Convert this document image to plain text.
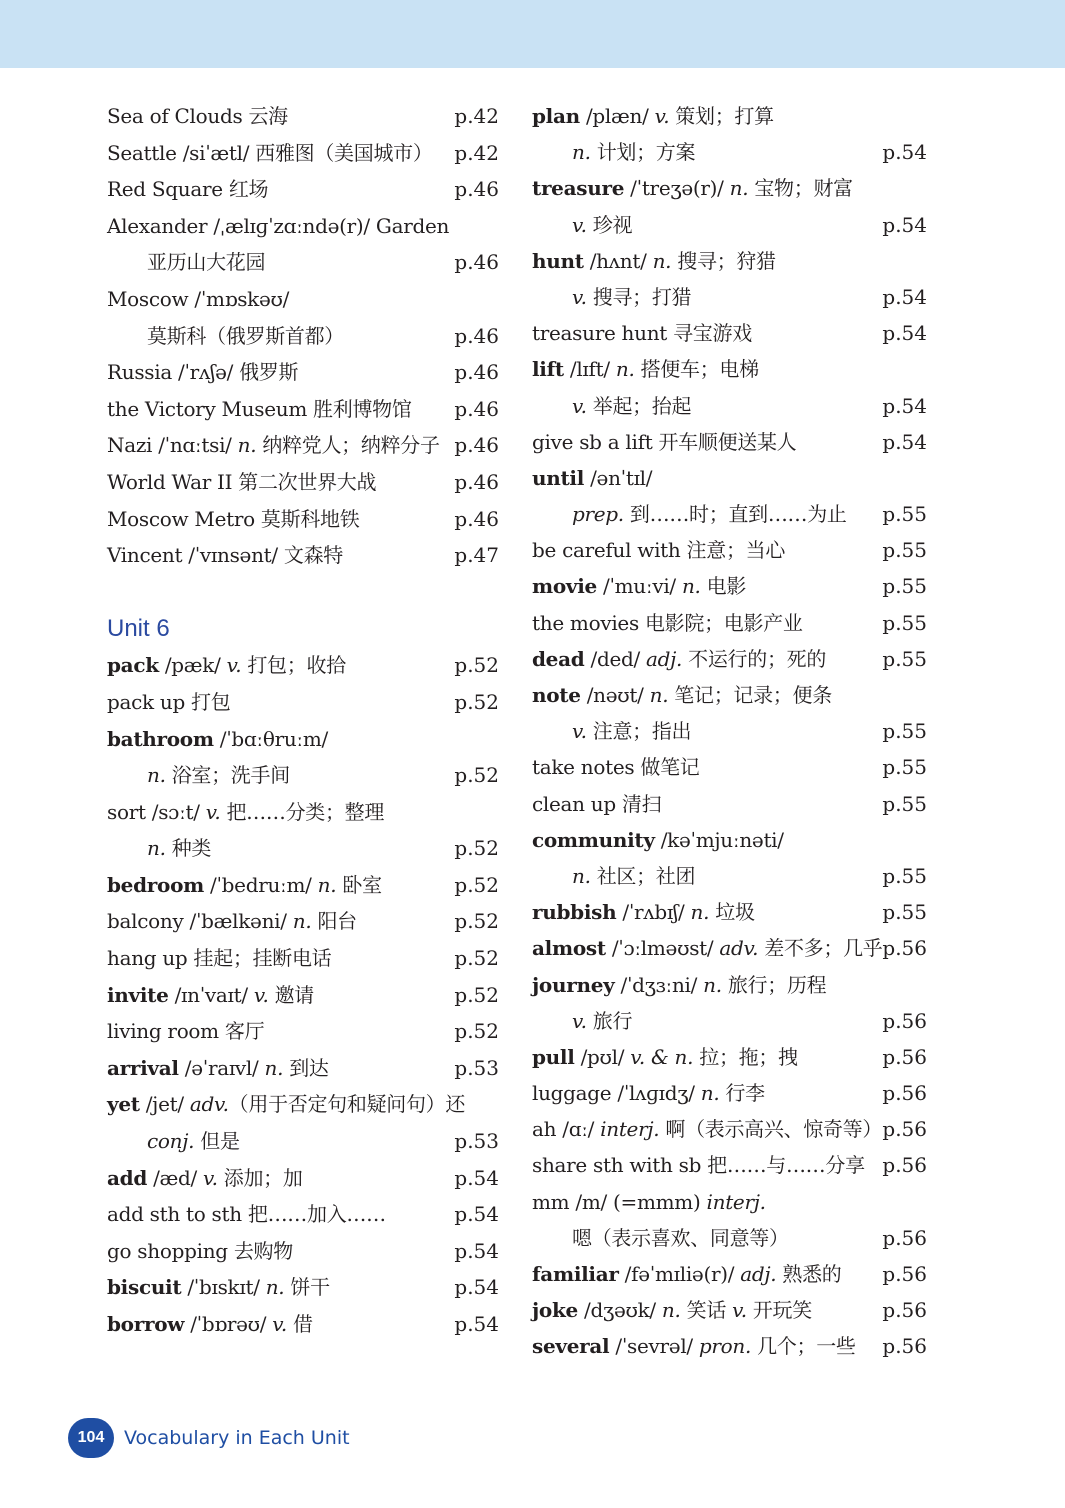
Sea of Clouds 云海	p.42
Seattle /siˈætl/ 西雅图（美国城市） p.42
Red Square 红场	p.46
Alexander /ˌælɪɡˈzɑːndə(r)/ Garden
亚历山大花园	p.46
Moscow /ˈmɒskəʊ/
莫斯科（俄罗斯首都）	p.46
Russia /ˈrʌʃə/ 俄罗斯	p.46
the Victory Museum 胜利博物馆 p.46
Nazi /ˈnɑːtsi/ n. 纳粹党人；纳粹分子 p.46
World War II 第二次世界大战	p.46
Moscow Metro 莫斯科地铁	p.46
Vincent /ˈvɪnsənt/ 文森特	p.47
Unit 6
pack /pæk/ v. 打包；收拾	p.52
pack up 打包	p.52
bathroom /ˈbɑːθruːm/
n. 浴室；洗手间	p.52
sort /sɔːt/ v. 把……分类；整理
n. 种类	p.52
bedroom /ˈbedruːm/ n. 卧室	p.52
balcony /ˈbælkəni/ n. 阳台	p.52
hang up 挂起；挂断电话	p.52
invite /ɪnˈvaɪt/ v. 邀请	p.52
living room 客厅	p.52
arrival /əˈraɪvl/ n. 到达	p.53
yet /jet/ adv.（用于否定句和疑问句）还
conj. 但是	p.53
add /æd/ v. 添加；加	p.54
add sth to sth 把……加入……	p.54
go shopping 去购物	p.54
biscuit /ˈbɪskɪt/ n. 饼干	p.54
borrow /ˈbɒrəʊ/ v. 借	p.54
plan /plæn/ v. 策划；打算
n. 计划；方案	p.54
treasure /ˈtreʒə(r)/ n. 宝物；财富
v. 珍视	p.54
hunt /hʌnt/ n. 搜寻；狩猎
v. 搜寻；打猎	p.54
treasure hunt 寻宝游戏	p.54
lift /lɪft/ n. 搭便车；电梯
v. 举起；抬起	p.54
give sb a lift 开车顺便送某人	p.54
until /ənˈtɪl/
prep. 到……时；直到……为止 p.55
be careful with 注意；当心	p.55
movie /ˈmuːvi/ n. 电影	p.55
the movies 电影院；电影产业	p.55
dead /ded/ adj. 不运行的；死的	p.55
note /nəʊt/ n. 笔记；记录；便条
v. 注意；指出	p.55
take notes 做笔记	p.55
clean up 清扫	p.55
community /kəˈmjuːnəti/
n. 社区；社团	p.55
rubbish /ˈrʌbɪʃ/ n. 垃圾	p.55
almost /ˈɔːlməʊst/ adv. 差不多；几乎 p.56
journey /ˈdʒɜːni/ n. 旅行；历程
v. 旅行	p.56
pull /pʊl/ v. & n. 拉；拖；拽	p.56
luggage /ˈlʌɡɪdʒ/ n. 行李	p.56
ah /ɑː/ interj. 啊（表示高兴、惊奇等） p.56
share sth with sb 把……与……分享 p.56
mm /m/ (=mmm) interj.
嗯（表示喜欢、同意等）	p.56
familiar /fəˈmɪliə(r)/ adj. 熟悉的 p.56
joke /dʒəʊk/ n. 笑话 v. 开玩笑	p.56
several /ˈsevrəl/ pron. 几个；一些 p.56
104	Vocabulary in Each Unit
